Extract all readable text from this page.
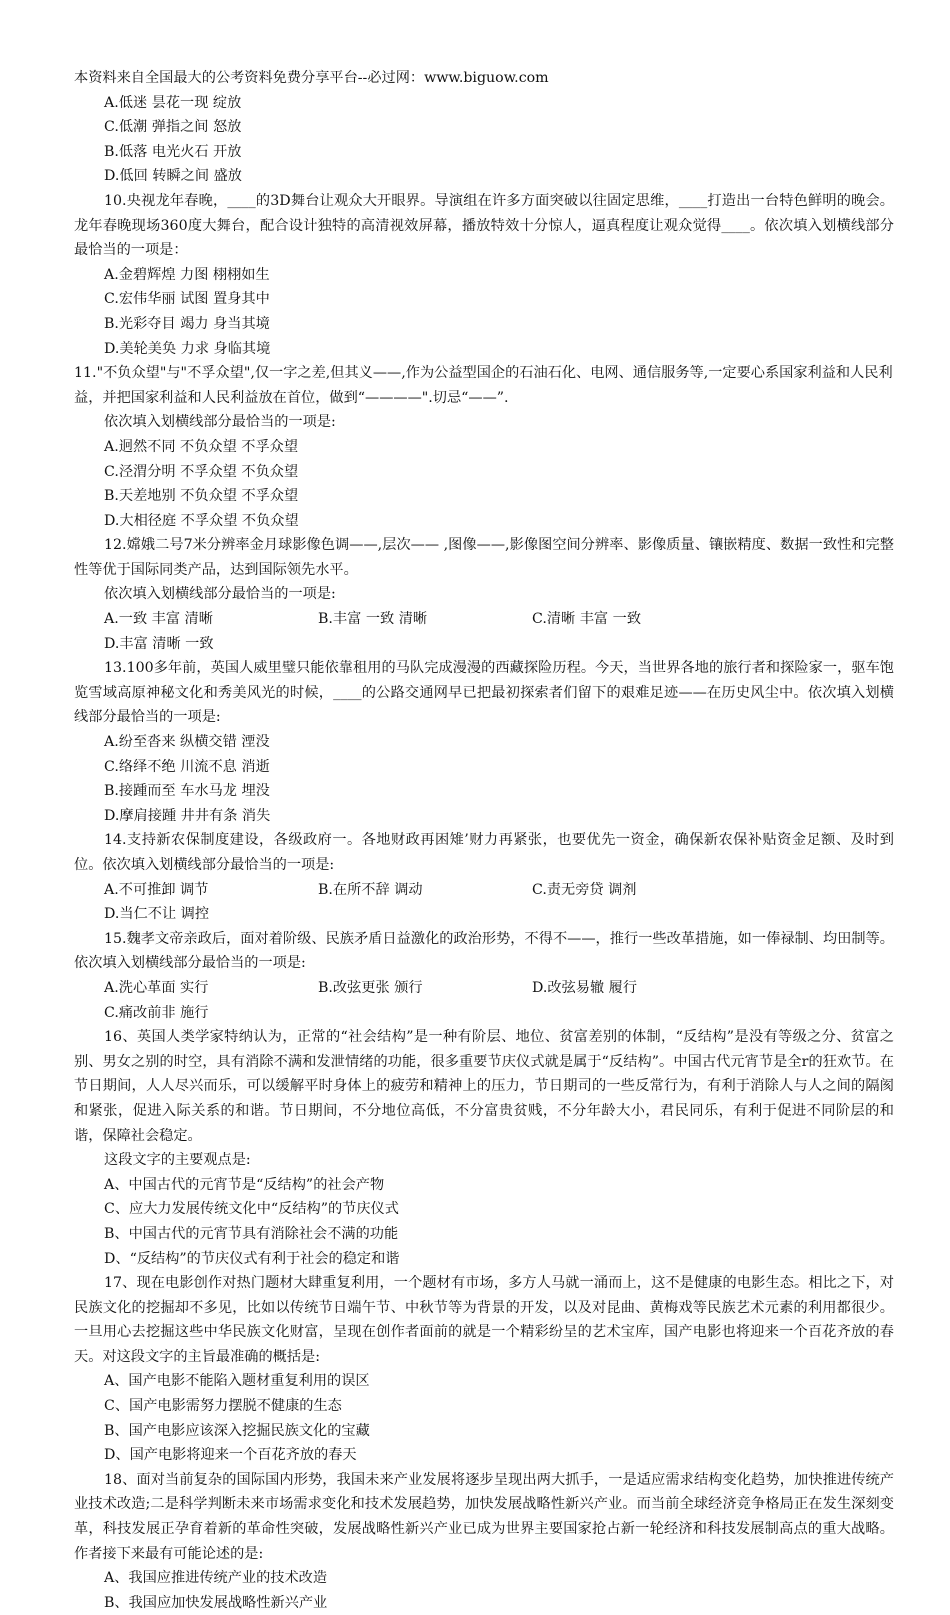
本资料来自全国最大的公考资料免费分享平台--必过网：www.biguow.com

A.低迷 昙花一现 绽放
C.低潮 弹指之间 怒放
B.低落 电光火石 开放
D.低回 转瞬之间 盛放

10.央视龙年春晚，____的3D舞台让观众大开眼界。导演组在许多方面突破以往固定思维，____打造出一台特色鲜明的晚会。龙年春晚现场360度大舞台，配合设计独特的高清视效屏幕，播放特效十分惊人，逼真程度让观众觉得____。依次填入划横线部分最恰当的一项是：

A.金碧辉煌 力图 栩栩如生
C.宏伟华丽 试图 置身其中
B.光彩夺目 竭力 身当其境
D.美轮美奂 力求 身临其境

11."不负众望"与"不孚众望",仅一字之差,但其义——,作为公益型国企的石油石化、电网、通信服务等,一定要心系国家利益和人民利益，并把国家利益和人民利益放在首位，做到“————".切忌“——”.

依次填入划横线部分最恰当的一项是:

A.迥然不同 不负众望 不孚众望
C.泾渭分明 不孚众望 不负众望
B.天差地别 不负众望 不孚众望
D.大相径庭 不孚众望 不负众望

12.嫦娥二号7米分辨率金月球影像色调——,层次—— ,图像——,影像图空间分辨率、影像质量、镶嵌精度、数据一致性和完整性等优于国际同类产品，达到国际领先水平。

依次填入划横线部分最恰当的一项是:

A.一致 丰富 清晰	B.丰富 一致 清晰	C.清晰 丰富 一致
D.丰富 清晰 一致

13.100多年前，英国人威里璧只能依靠租用的马队完成漫漫的西藏探险历程。今天，当世界各地的旅行者和探险家一，驱车饱览雪域高原神秘文化和秀美风光的时候，____的公路交通网早已把最初探索者们留下的艰难足迹——在历史风尘中。依次填入划横线部分最恰当的一项是:

A.纷至沓来 纵横交错 湮没
C.络绎不绝 川流不息 消逝
B.接踵而至 车水马龙 埋没
D.摩肩接踵 井井有条 消失

14.支持新农保制度建设，各级政府一。各地财政再困雉’财力再紧张，也要优先一资金，确保新农保补贴资金足额、及时到位。依次填入划横线部分最恰当的一项是:

A.不可推卸 调节	B.在所不辞 调动	C.责无旁贷 调剂
D.当仁不让 调控

15.魏孝文帝亲政后，面对着阶级、民族矛盾日益激化的政治形势，不得不——，推行一些改革措施，如一俸禄制、均田制等。依次填入划横线部分最恰当的一项是:

A.洗心革面 实行	B.改弦更张 颁行	D.改弦易辙 履行
C.痛改前非 施行

16、英国人类学家特纳认为，正常的“社会结构”是一种有阶层、地位、贫富差别的体制，“反结构”是没有等级之分、贫富之别、男女之别的时空，具有消除不满和发泄情绪的功能，很多重要节庆仪式就是属于“反结构”。中国古代元宵节是全r的狂欢节。在节日期间，人人尽兴而乐，可以缓解平时身体上的疲劳和精神上的压力，节日期司的一些反常行为，有利于消除人与人之间的隔阂和紧张，促进入际关系的和谐。节日期间，不分地位高低，不分富贵贫贱，不分年龄大小，君民同乐，有利于促进不同阶层的和谐，保障社会稳定。

这段文字的主要观点是:

A、中国古代的元宵节是“反结构”的社会产物
C、应大力发展传统文化中“反结构”的节庆仪式
B、中国古代的元宵节具有消除社会不满的功能
D、“反结构”的节庆仪式有利于社会的稳定和谐

17、现在电影创作对热门题材大肆重复利用，一个题材有市场，多方人马就一涌而上，这不是健康的电影生态。相比之下，对民族文化的挖掘却不多见，比如以传统节日端午节、中秋节等为背景的开发，以及对昆曲、黄梅戏等民族艺术元素的利用都很少。一旦用心去挖掘这些中华民族文化财富，呈现在创作者面前的就是一个精彩纷呈的艺术宝库，国产电影也将迎来一个百花齐放的春天。对这段文字的主旨最准确的概括是:

A、国产电影不能陷入题材重复利用的误区
C、国产电影需努力摆脱不健康的生态
B、国产电影应该深入挖掘民族文化的宝藏
D、国产电影将迎来一个百花齐放的春天

18、面对当前复杂的国际国内形势，我国未来产业发展将逐步呈现出两大抓手，一是适应需求结构变化趋势，加快推进传统产业技术改造;二是科学判断未来市场需求变化和技术发展趋势，加快发展战略性新兴产业。而当前全球经济竞争格局正在发生深刻变革，科技发展正孕育着新的革命性突破，发展战略性新兴产业已成为世界主要国家抢占新一轮经济和科技发展制高点的重大战略。作者接下来最有可能论述的是:

A、我国应推进传统产业的技术改造
B、我国应加快发展战略性新兴产业
